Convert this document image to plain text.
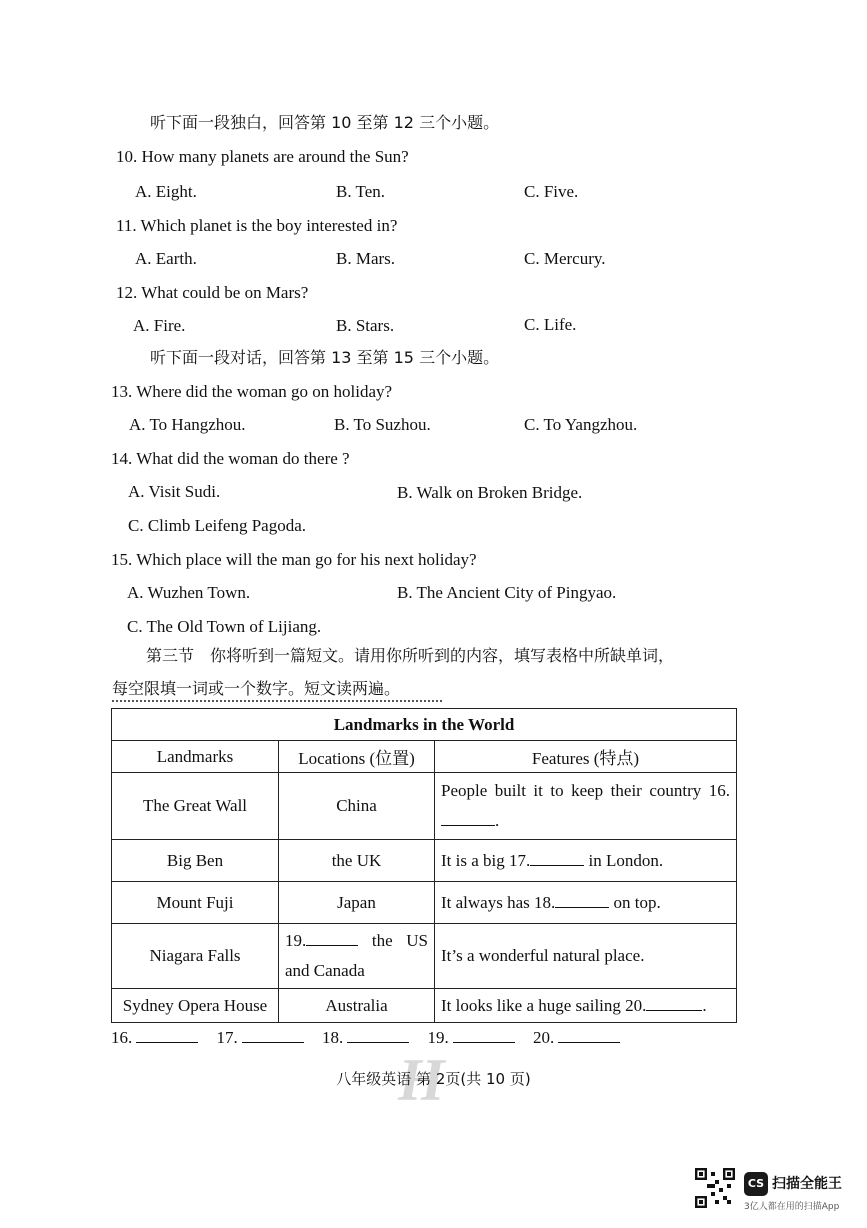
听下面一段独白，回答第 10 至第 12 三个小题。
10. How many planets are around the Sun?
A. Eight.	B. Ten.	C. Five.
11. Which planet is the boy interested in?
A. Earth.	B. Mars.	C. Mercury.
12. What could be on Mars?
A. Fire.	B. Stars.	C. Life.
听下面一段对话，回答第 13 至第 15 三个小题。
13. Where did the woman go on holiday?
A. To Hangzhou.	B. To Suzhou.	C. To Yangzhou.
14. What did the woman do there ?
A. Visit Sudi.	B. Walk on Broken Bridge.
C. Climb Leifeng Pagoda.
15. Which place will the man go for his next holiday?
A. Wuzhen Town.	B. The Ancient City of Pingyao.
C. The Old Town of Lijiang.
第三节　你将听到一篇短文。请用你所听到的内容，填写表格中所缺单词，
每空限填一词或一个数字。短文读两遍。
Landmarks in the World		
Landmarks	Locations (位置)	Features (特点)
The Great Wall	China	People built it to keep their country 16..
Big Ben	the UK	It is a big 17. in London.
Mount Fuji	Japan	It always has 18. on top.
Niagara Falls	19. the US and Canada	It’s a wonderful natural place.
Sydney Opera House	Australia	It looks like a huge sailing 20. .
16.	17.	18.	19.	20.
H
八年级英语 第 2页(共 10 页)
CS 扫描全能王
3亿人都在用的扫描App
